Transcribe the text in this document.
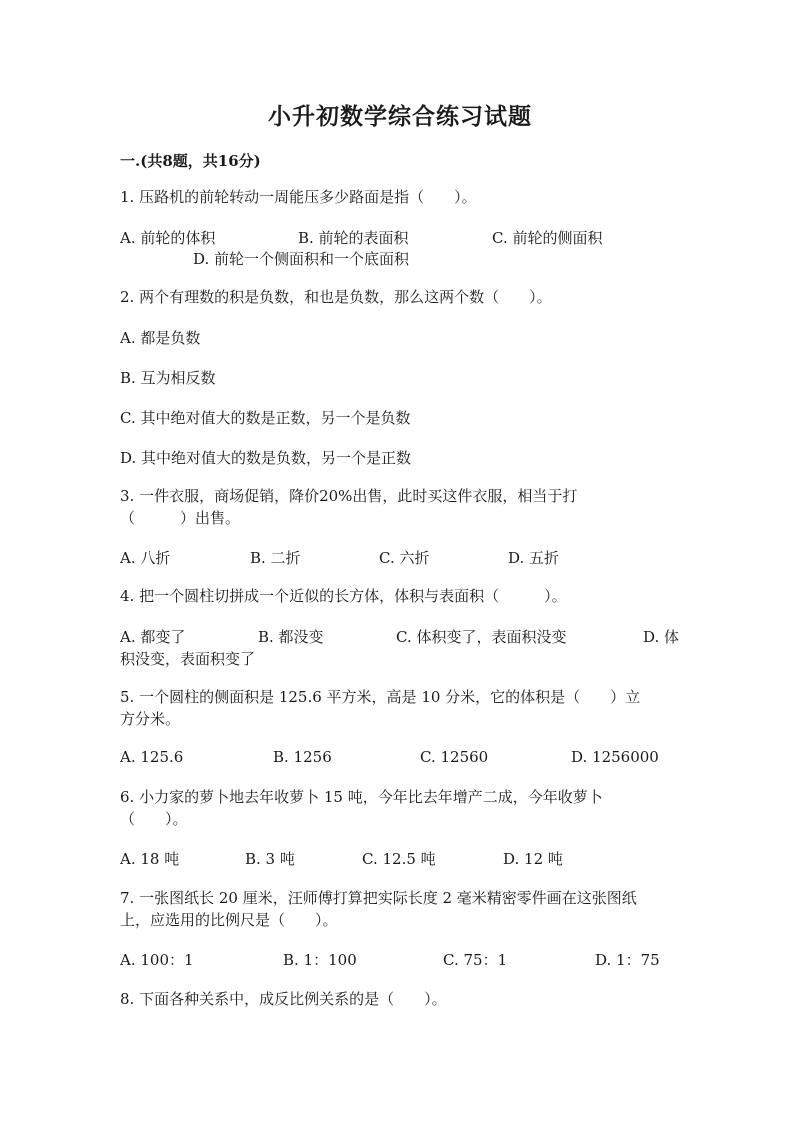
小升初数学综合练习试题
一.(共8题，共16分)
1. 压路机的前轮转动一周能压多少路面是指（　　）。
A. 前轮的体积	B. 前轮的表面积	C. 前轮的侧面积
D. 前轮一个侧面积和一个底面积
2. 两个有理数的积是负数，和也是负数，那么这两个数（　　）。
A. 都是负数
B. 互为相反数
C. 其中绝对值大的数是正数，另一个是负数
D. 其中绝对值大的数是负数，另一个是正数
3. 一件衣服，商场促销，降价20%出售，此时买这件衣服，相当于打
（　　　）出售。
A. 八折	B. 二折	C. 六折	D. 五折
4. 把一个圆柱切拼成一个近似的长方体，体积与表面积（　　　）。
A. 都变了	B. 都没变	C. 体积变了，表面积没变	D. 体
积没变，表面积变了
5. 一个圆柱的侧面积是 125.6 平方米，高是 10 分米，它的体积是（　　）立
方分米。
A. 125.6	B. 1256	C. 12560	D. 1256000
6. 小力家的萝卜地去年收萝卜 15 吨，今年比去年增产二成，今年收萝卜
（　　）。
A. 18 吨	B. 3 吨	C. 12.5 吨	D. 12 吨
7. 一张图纸长 20 厘米，汪师傅打算把实际长度 2 毫米精密零件画在这张图纸
上，应选用的比例尺是（　　）。
A. 100：1	B. 1：100	C. 75：1	D. 1：75
8. 下面各种关系中，成反比例关系的是（　　）。
